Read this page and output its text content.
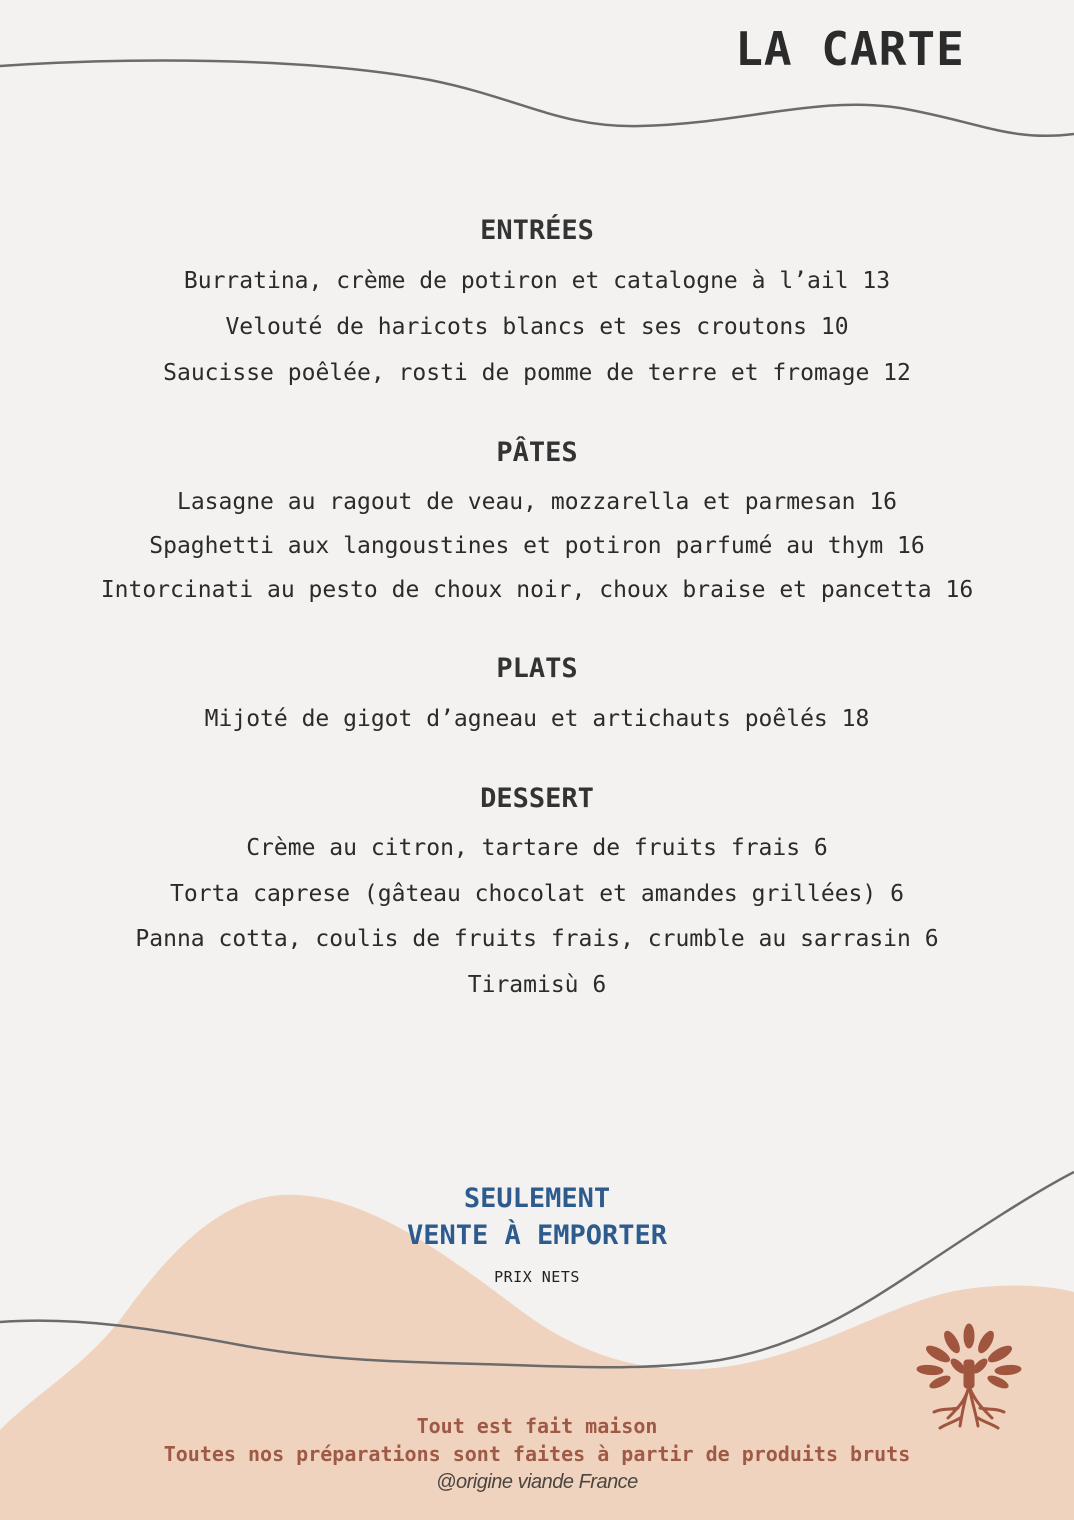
LA CARTE
ENTRÉES
Burratina, crème de potiron et catalogne à l’ail 13
Velouté de haricots blancs et ses croutons 10
Saucisse poêlée, rosti de pomme de terre et fromage 12
PÂTES
Lasagne au ragout de veau, mozzarella et parmesan 16
Spaghetti aux langoustines et potiron parfumé au thym 16
Intorcinati au pesto de choux noir, choux braise et pancetta 16
PLATS
Mijoté de gigot d’agneau et artichauts poêlés 18
DESSERT
Crème au citron, tartare de fruits frais 6
Torta caprese (gâteau chocolat et amandes grillées) 6
Panna cotta, coulis de fruits frais, crumble au sarrasin 6
Tiramisù 6
SEULEMENT
VENTE À EMPORTER
PRIX NETS
Tout est fait maison
Toutes nos préparations sont faites à partir de produits bruts
@origine viande France
